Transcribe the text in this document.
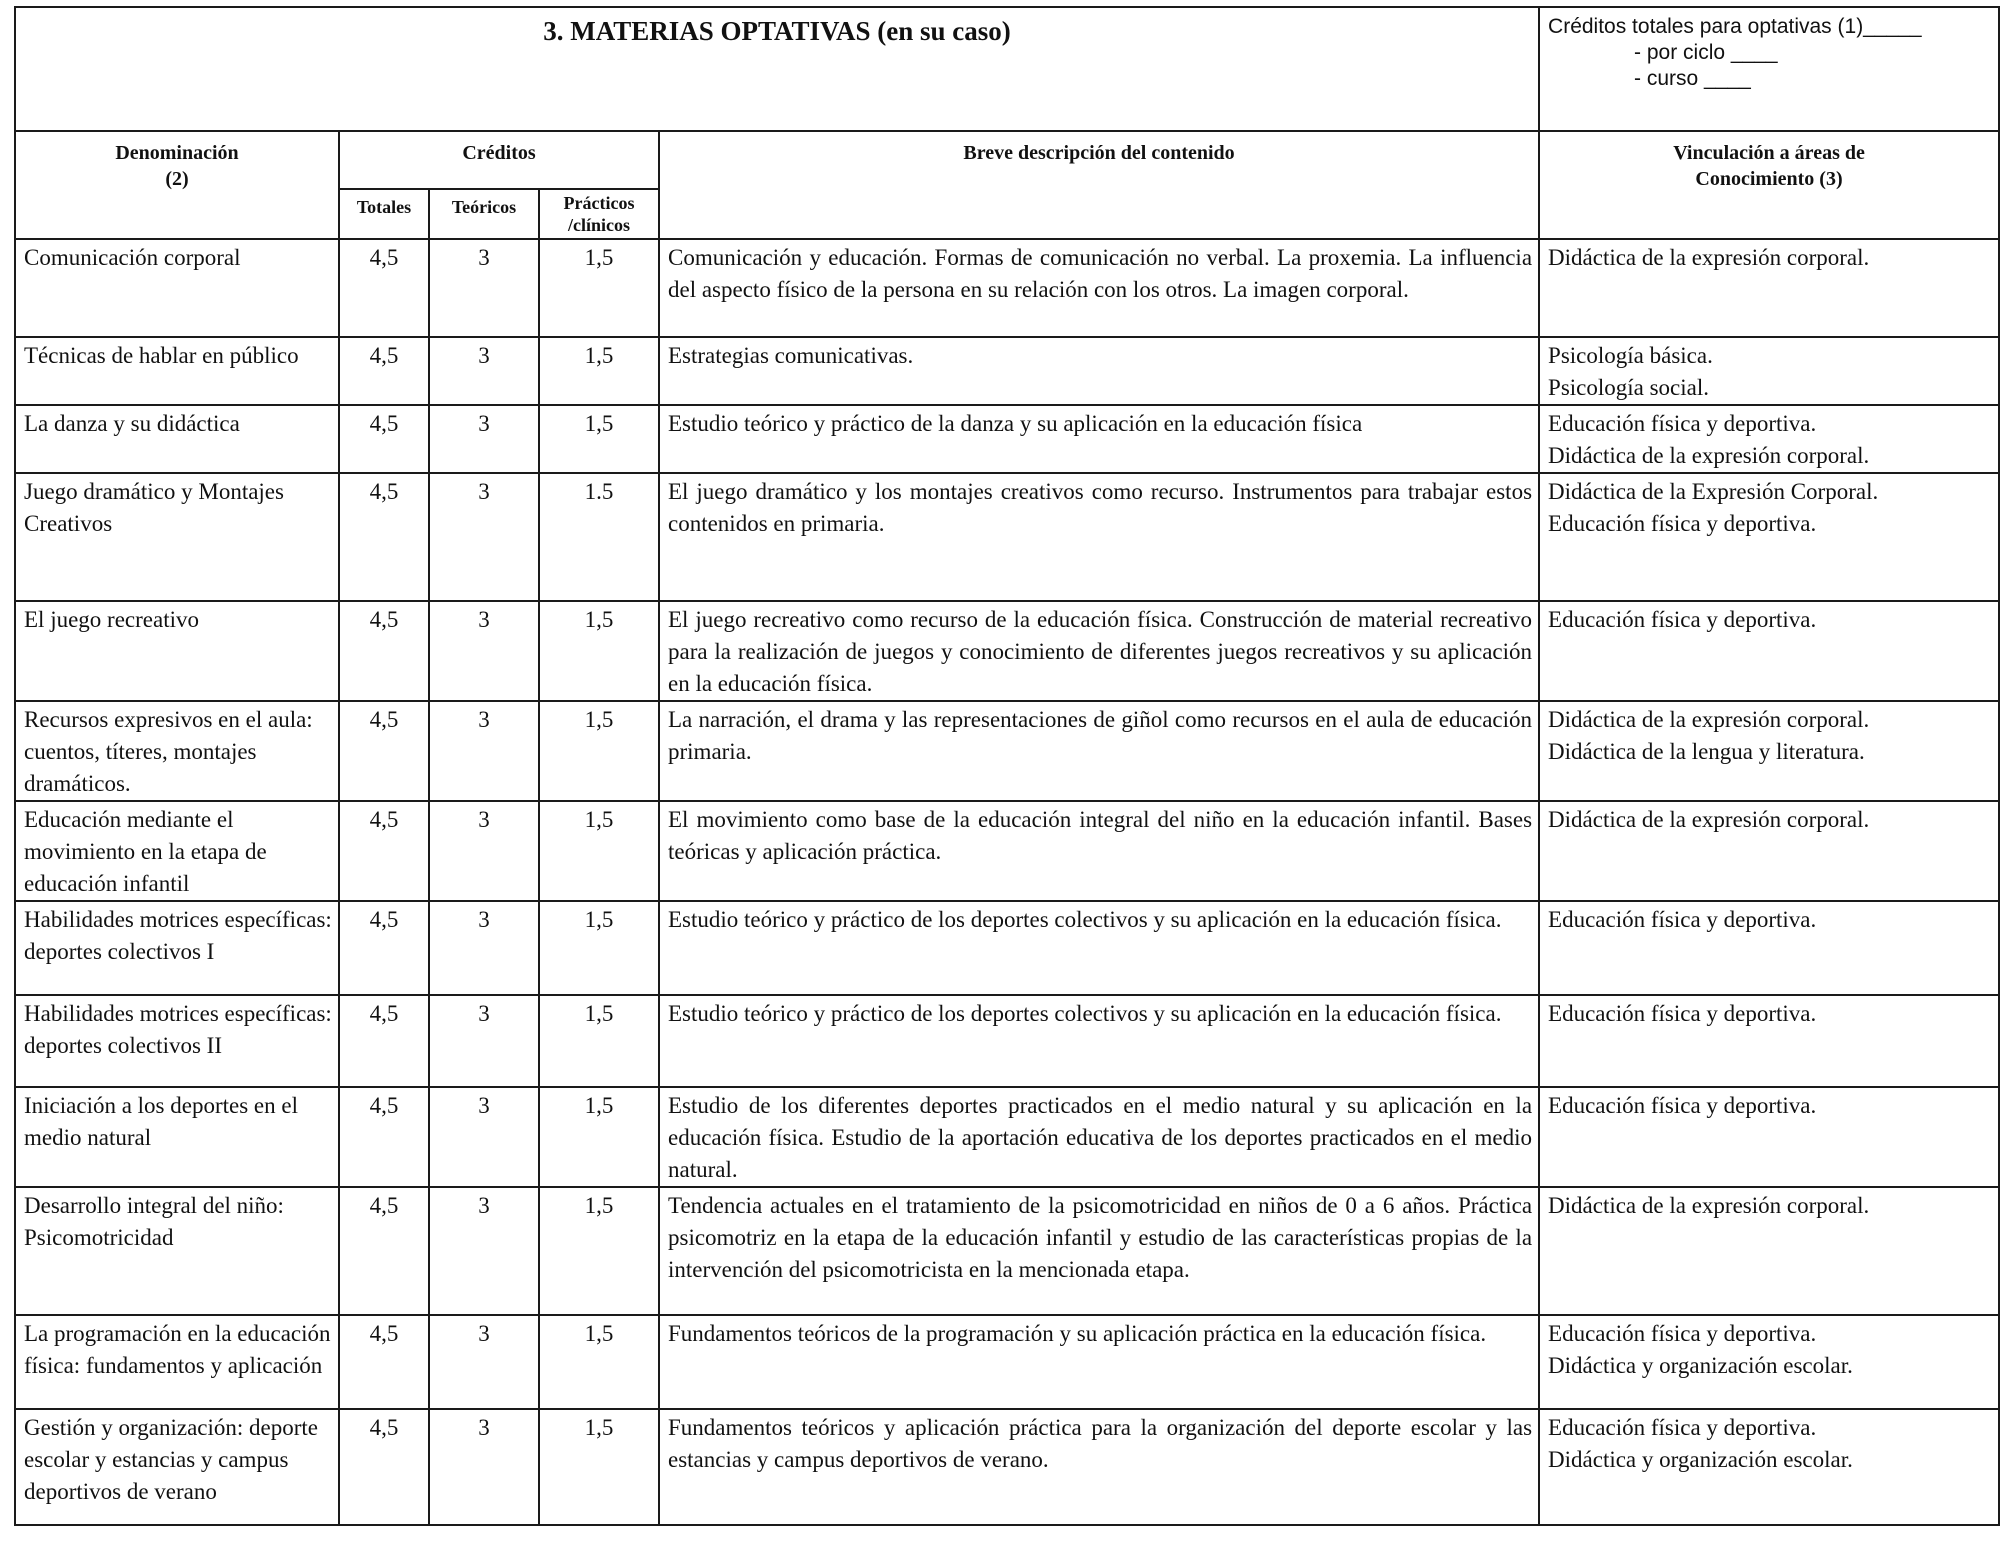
3. MATERIAS OPTATIVAS (en su caso)					Créditos totales para optativas (1)_____
- por ciclo ____
- curso ____

Denominación
(2)	Créditos			Breve descripción del contenido	Vinculación a áreas de
Conocimiento (3)

	Totales	Teóricos	Prácticos
/clínicos		

Comunicación corporal	4,5	3	1,5	Comunicación y educación. Formas de comunicación no verbal. La proxemia. La influencia del aspecto físico de la persona en su relación con los otros. La imagen corporal.	Didáctica de la expresión corporal.

Técnicas de hablar en público	4,5	3	1,5	Estrategias comunicativas.	Psicología básica.
Psicología social.

La danza y su didáctica	4,5	3	1,5	Estudio teórico y práctico de la danza y su aplicación en la educación física	Educación física y deportiva.
Didáctica de la expresión corporal.

Juego dramático y Montajes Creativos	4,5	3	1.5	El juego dramático y los montajes creativos como recurso. Instrumentos para trabajar estos contenidos en primaria.	Didáctica de la Expresión Corporal.
Educación física y deportiva.

El juego recreativo	4,5	3	1,5	El juego recreativo como recurso de la educación física. Construcción de material recreativo para la realización de juegos y conocimiento de diferentes juegos recreativos y su aplicación en la educación física.	Educación física y deportiva.

Recursos expresivos en el aula: cuentos, títeres, montajes dramáticos.	4,5	3	1,5	La narración, el drama y las representaciones de giñol como recursos en el aula de educación primaria.	Didáctica de la expresión corporal.
Didáctica de la lengua y literatura.

Educación mediante el movimiento en la etapa de educación infantil	4,5	3	1,5	El movimiento como base de la educación integral del niño en la educación infantil. Bases teóricas y aplicación práctica.	Didáctica de la expresión corporal.

Habilidades motrices específicas: deportes colectivos I	4,5	3	1,5	Estudio teórico y práctico de los deportes colectivos y su aplicación en la educación física.	Educación física y deportiva.

Habilidades motrices específicas: deportes colectivos II	4,5	3	1,5	Estudio teórico y práctico de los deportes colectivos y su aplicación en la educación física.	Educación física y deportiva.

Iniciación a los deportes en el medio natural	4,5	3	1,5	Estudio de los diferentes deportes practicados en el medio natural y su aplicación en la educación física. Estudio de la aportación educativa de los deportes practicados en el medio natural.	Educación física y deportiva.

Desarrollo integral del niño: Psicomotricidad	4,5	3	1,5	Tendencia actuales en el tratamiento de la psicomotricidad en niños de 0 a 6 años. Práctica psicomotriz en la etapa de la educación infantil y estudio de las características propias de la intervención del psicomotricista en la mencionada etapa.	Didáctica de la expresión corporal.

La programación en la educación física: fundamentos y aplicación	4,5	3	1,5	Fundamentos teóricos de la programación y su aplicación práctica en la educación física.	Educación física y deportiva.
Didáctica y organización escolar.

Gestión y organización: deporte escolar y estancias y campus deportivos de verano	4,5	3	1,5	Fundamentos teóricos y aplicación práctica para la organización del deporte escolar y las estancias y campus deportivos de verano.	Educación física y deportiva.
Didáctica y organización escolar.
